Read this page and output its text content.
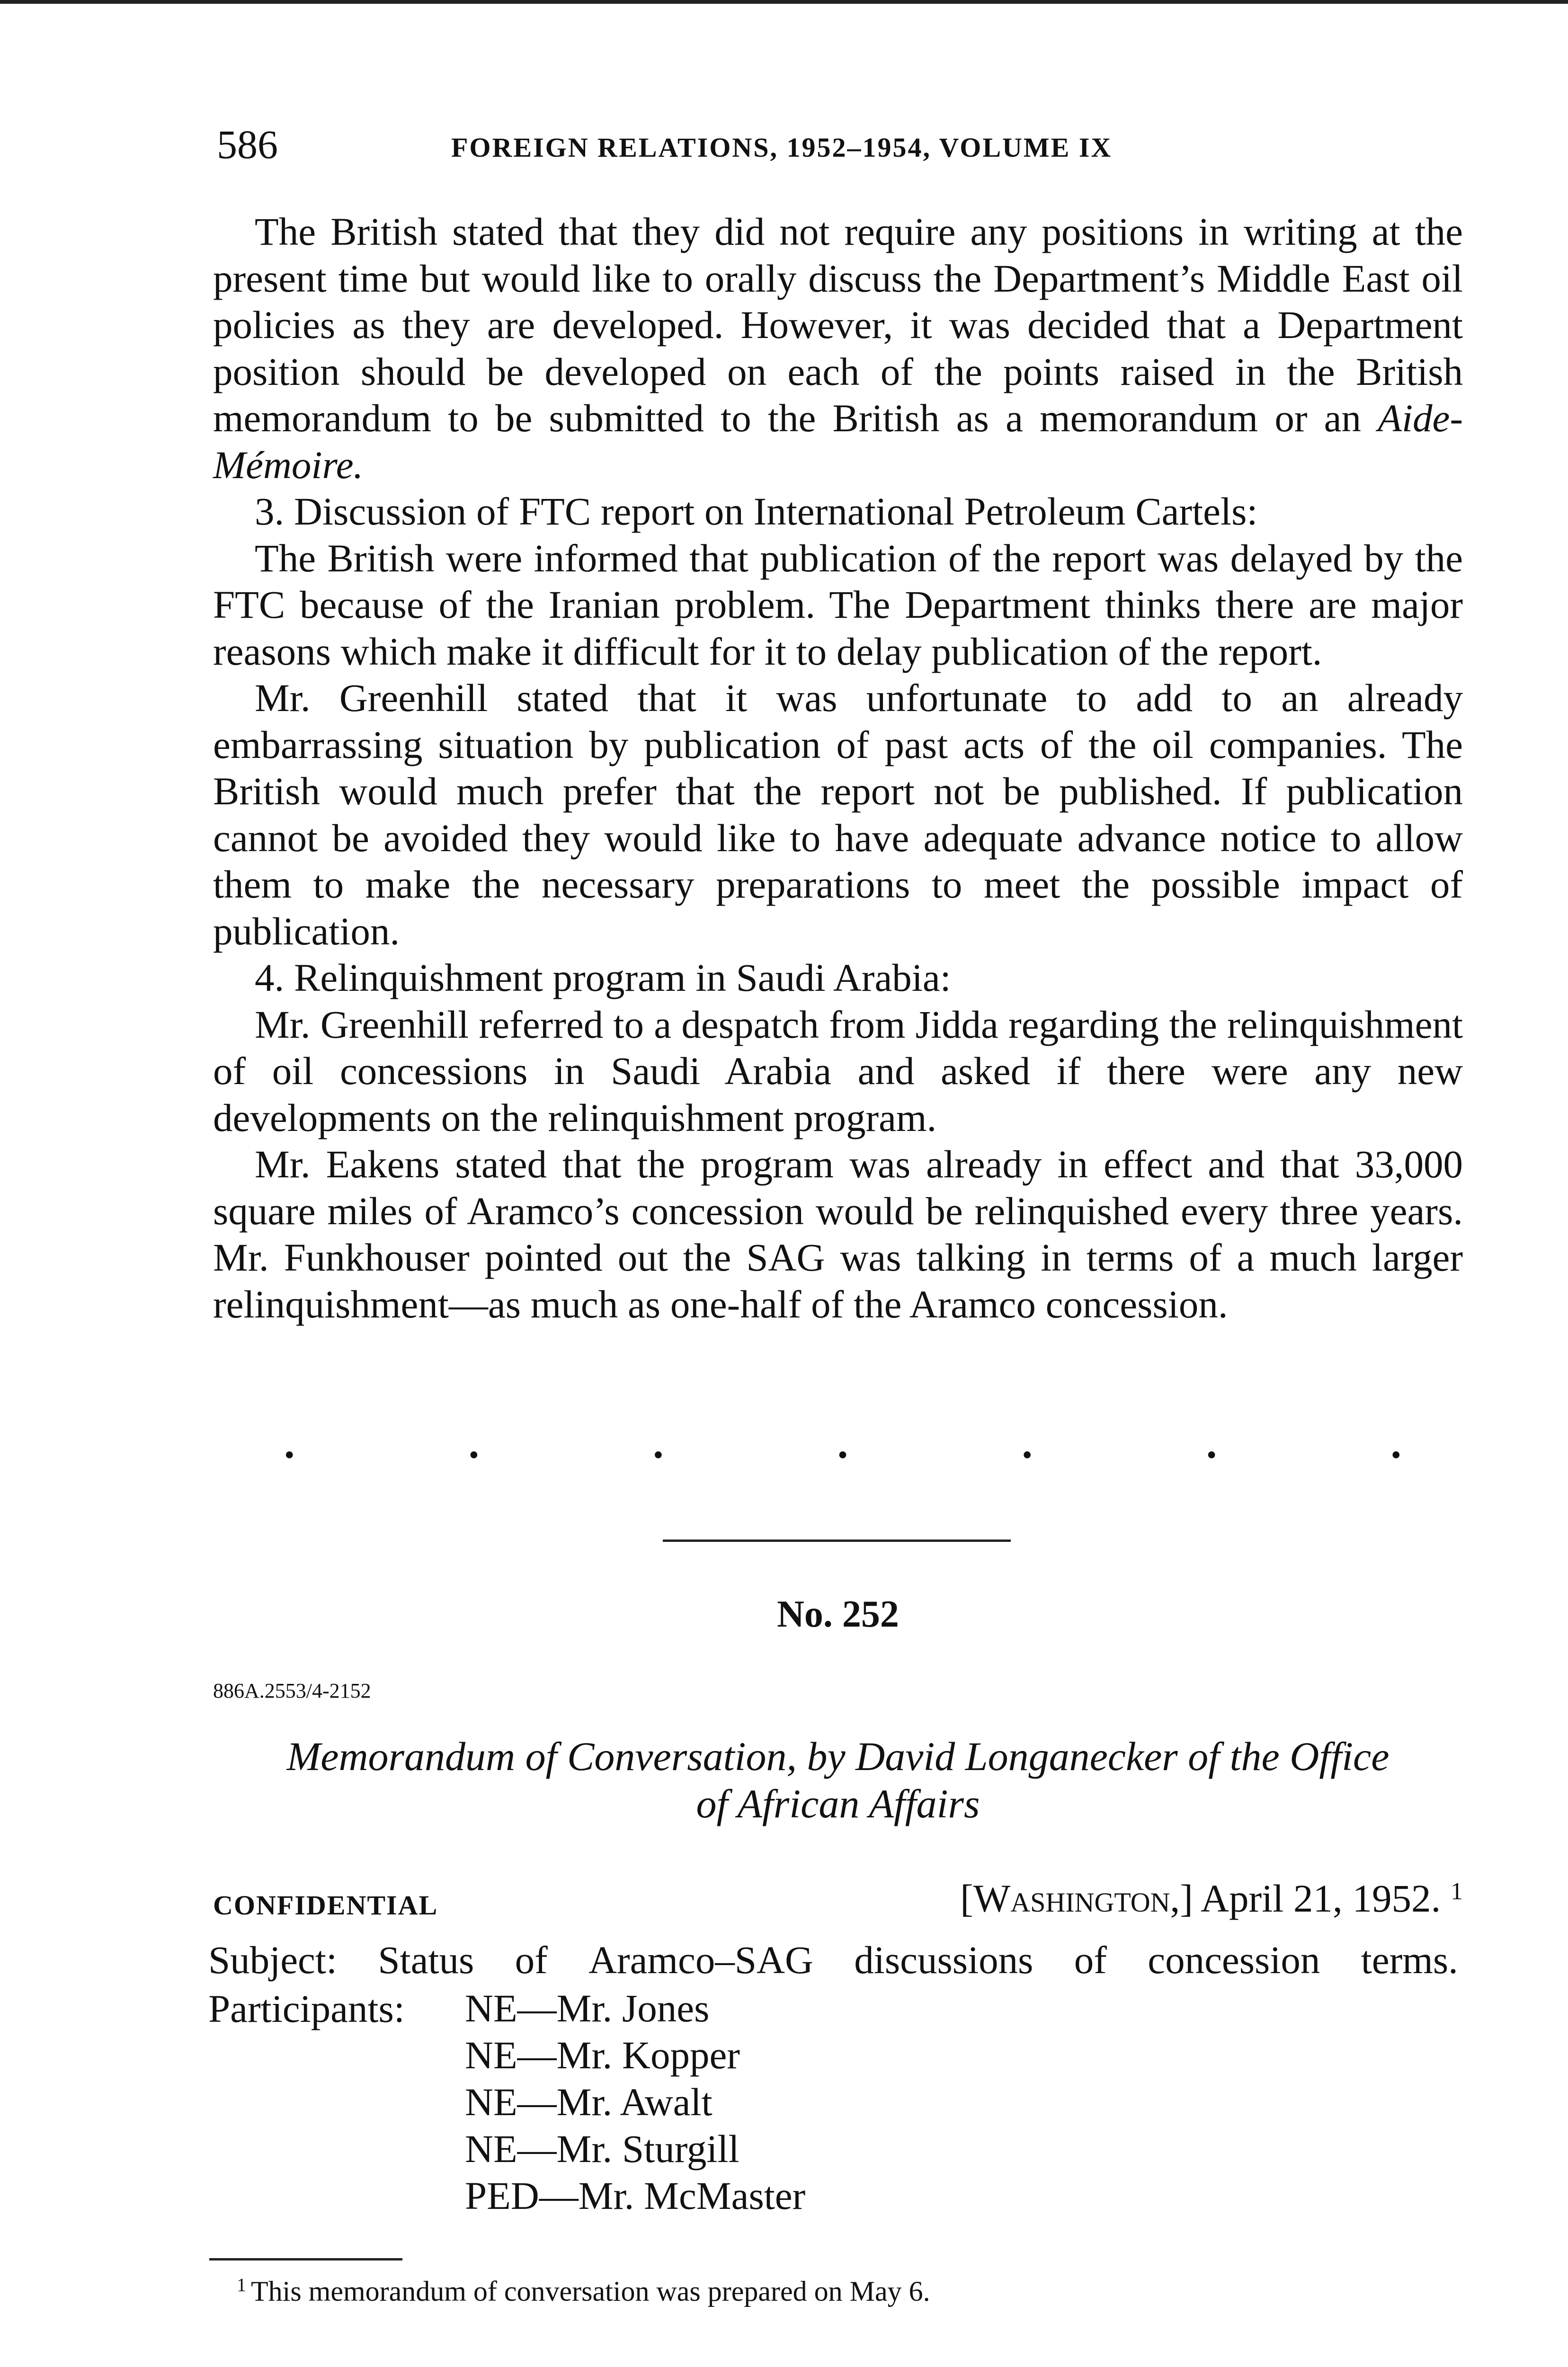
586	FOREIGN RELATIONS, 1952–1954, VOLUME IX

The British stated that they did not require any positions in writing at the present time but would like to orally discuss the Department’s Middle East oil policies as they are developed. However, it was decided that a Department position should be developed on each of the points raised in the British memorandum to be submitted to the British as a memorandum or an Aide-Mémoire.

3. Discussion of FTC report on International Petroleum Cartels:

The British were informed that publication of the report was delayed by the FTC because of the Iranian problem. The Department thinks there are major reasons which make it difficult for it to delay publication of the report.

Mr. Greenhill stated that it was unfortunate to add to an already embarrassing situation by publication of past acts of the oil companies. The British would much prefer that the report not be published. If publication cannot be avoided they would like to have adequate advance notice to allow them to make the necessary preparations to meet the possible impact of publication.

4. Relinquishment program in Saudi Arabia:

Mr. Greenhill referred to a despatch from Jidda regarding the relinquishment of oil concessions in Saudi Arabia and asked if there were any new developments on the relinquishment program.

Mr. Eakens stated that the program was already in effect and that 33,000 square miles of Aramco’s concession would be relinquished every three years. Mr. Funkhouser pointed out the SAG was talking in terms of a much larger relinquishment—as much as one-half of the Aramco concession.

.	.	.	.	.	.	.
No. 252
886A.2553/4-2152
Memorandum of Conversation, by David Longanecker of the Office
of African Affairs
CONFIDENTIAL	[Washington,] April 21, 1952. $^1$
Subject: Status of Aramco–SAG discussions of concession terms.
Participants: NE—Mr. Jones
NE—Mr. Kopper
NE—Mr. Awalt
NE—Mr. Sturgill
PED—Mr. McMaster
$^1$ This memorandum of conversation was prepared on May 6.
